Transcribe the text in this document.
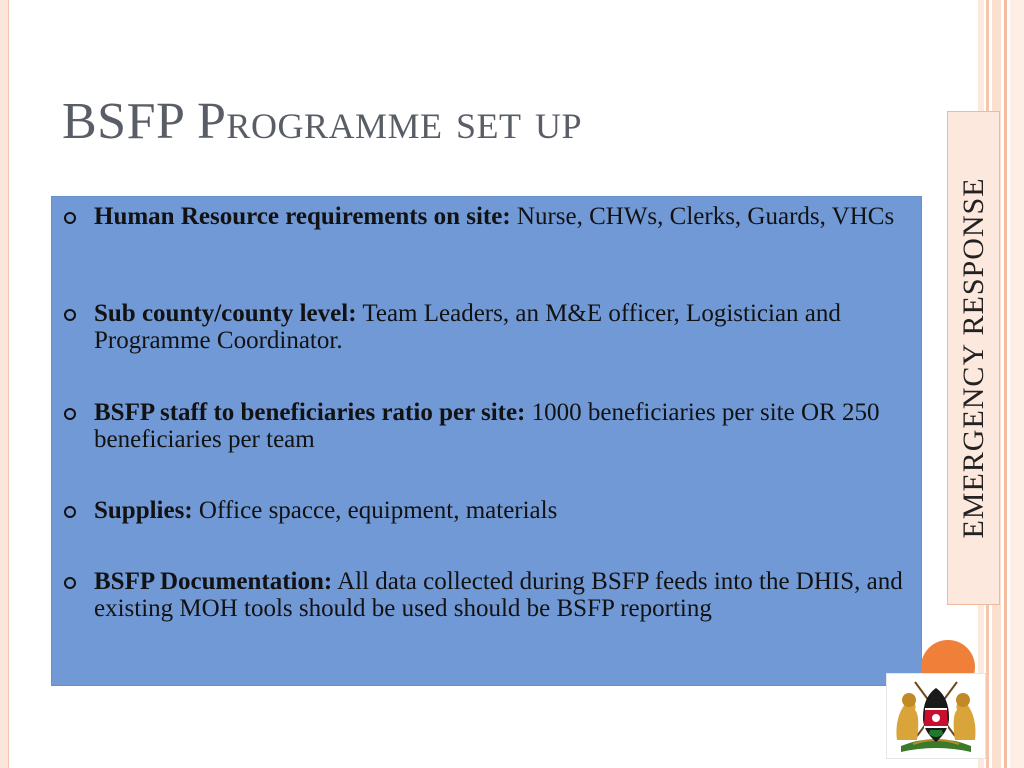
BSFP Programme set up
Human Resource requirements on site: Nurse, CHWs, Clerks, Guards, VHCs
Sub county/county level: Team Leaders, an M&E officer, Logistician and Programme Coordinator.
BSFP staff to beneficiaries ratio per site: 1000 beneficiaries per site OR 250 beneficiaries per team
Supplies: Office spacce, equipment, materials
BSFP Documentation: All data collected during BSFP feeds into the DHIS, and existing MOH tools should be used should be BSFP reporting
EMERGENCY RESPONSE
